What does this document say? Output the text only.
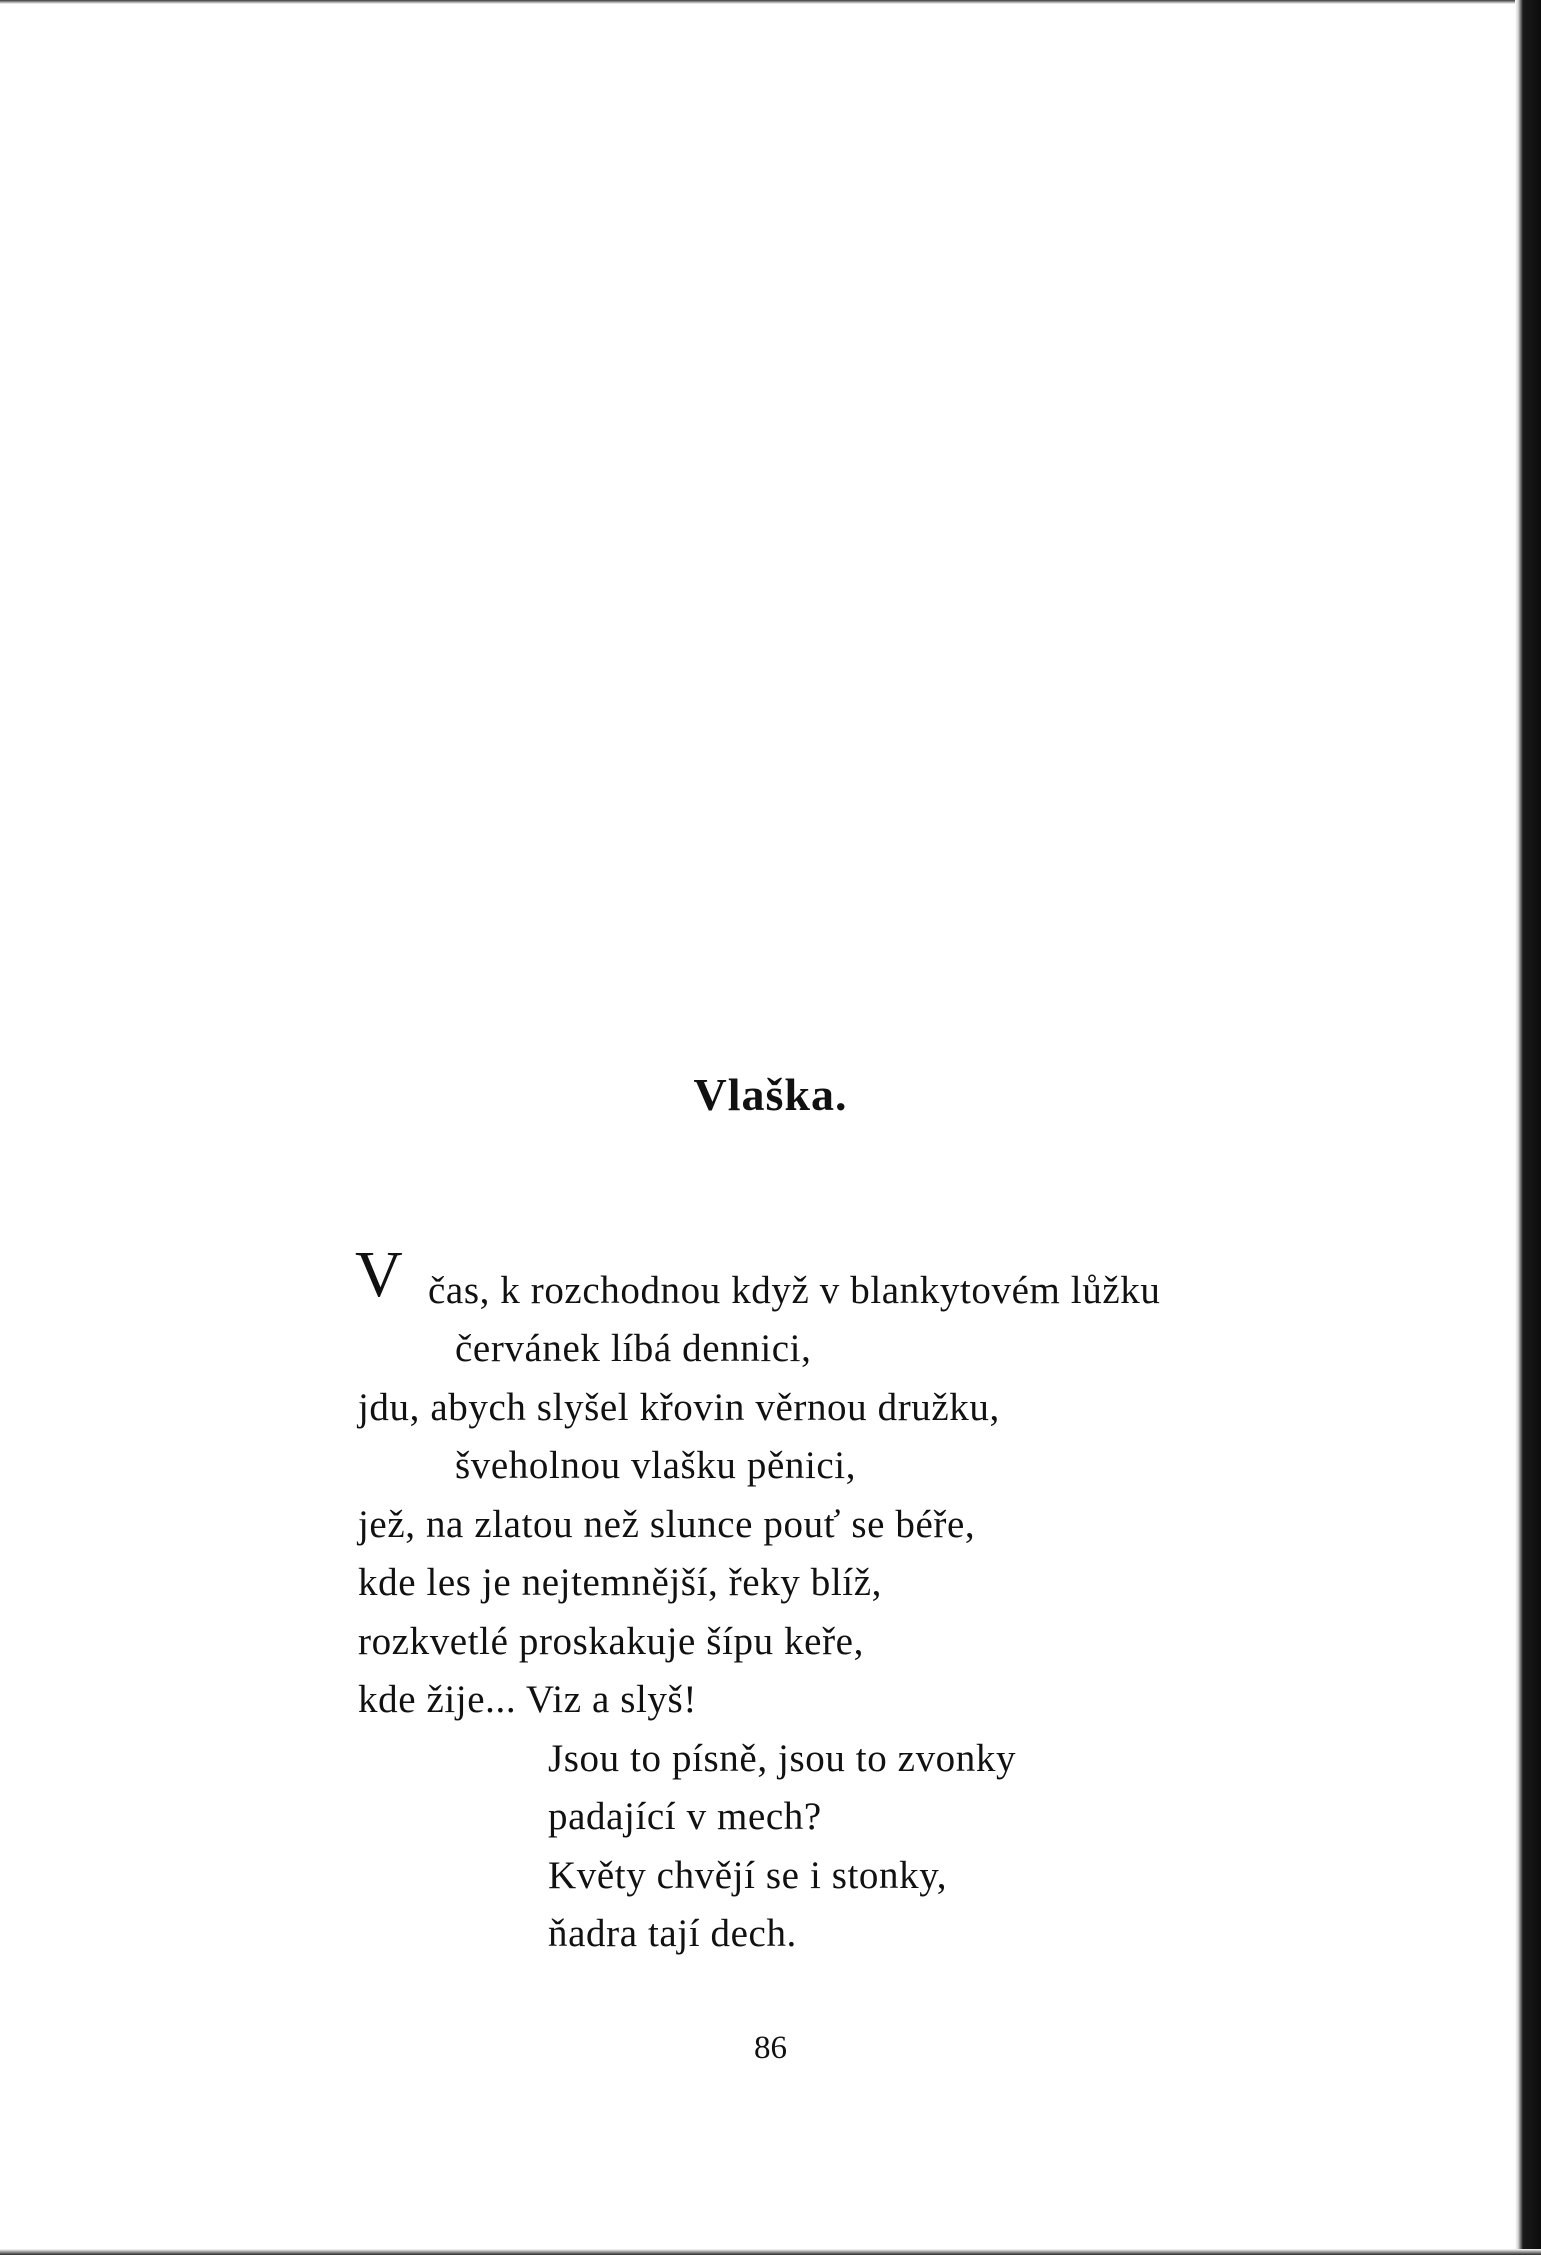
Vlaška.
V čas, k rozchodnou když v blankytovém lůžku
červánek líbá dennici,
jdu, abych slyšel křovin věrnou družku,
šveholnou vlašku pěnici,
jež, na zlatou než slunce pouť se béře,
kde les je nejtemnější, řeky blíž,
rozkvetlé proskakuje šípu keře,
kde žije... Viz a slyš!
Jsou to písně, jsou to zvonky
padající v mech?
Květy chvějí se i stonky,
ňadra tají dech.
86
